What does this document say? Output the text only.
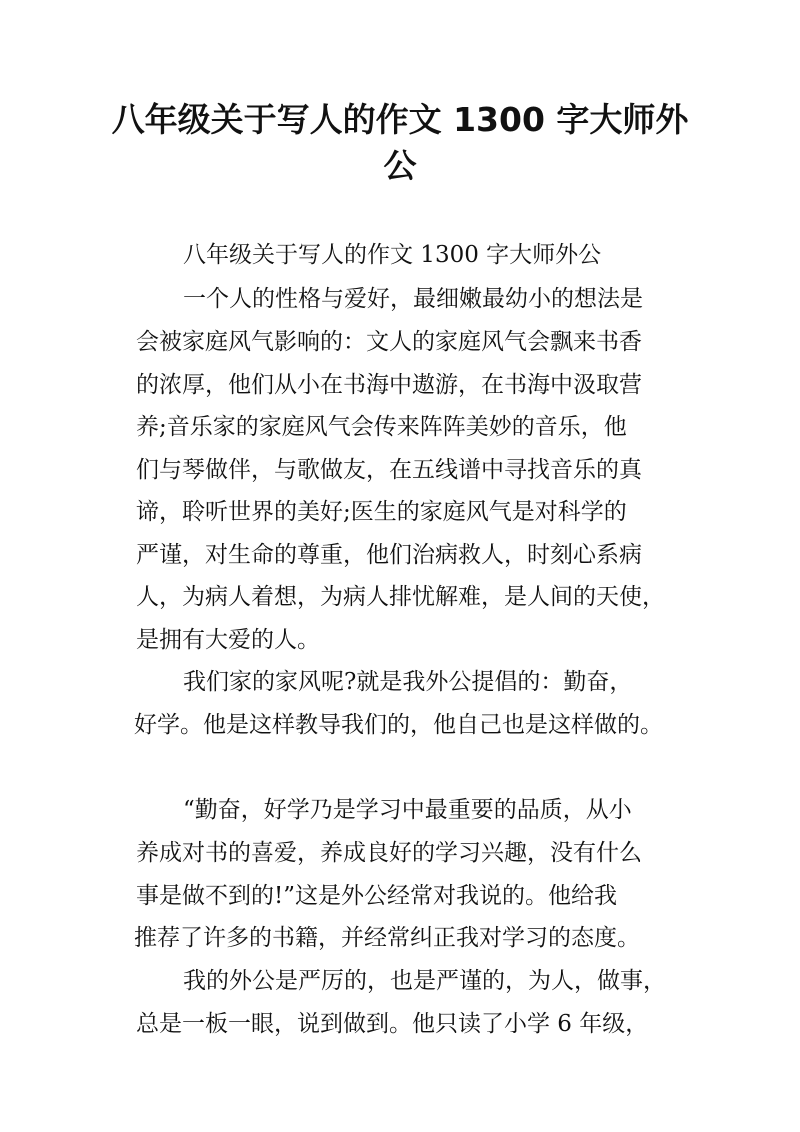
八年级关于写人的作文 1300 字大师外
公

八年级关于写人的作文 1300 字大师外公

一个人的性格与爱好，最细嫩最幼小的想法是

会被家庭风气影响的：文人的家庭风气会飘来书香

的浓厚，他们从小在书海中遨游，在书海中汲取营

养;音乐家的家庭风气会传来阵阵美妙的音乐，他

们与琴做伴，与歌做友，在五线谱中寻找音乐的真

谛，聆听世界的美好;医生的家庭风气是对科学的

严谨，对生命的尊重，他们治病救人，时刻心系病

人，为病人着想，为病人排忧解难，是人间的天使，

是拥有大爱的人。

我们家的家风呢?就是我外公提倡的：勤奋，

好学。他是这样教导我们的，他自己也是这样做的。

“勤奋，好学乃是学习中最重要的品质，从小

养成对书的喜爱，养成良好的学习兴趣，没有什么

事是做不到的!”这是外公经常对我说的。他给我

推荐了许多的书籍，并经常纠正我对学习的态度。

我的外公是严厉的，也是严谨的，为人，做事，

总是一板一眼，说到做到。他只读了小学 6 年级，
